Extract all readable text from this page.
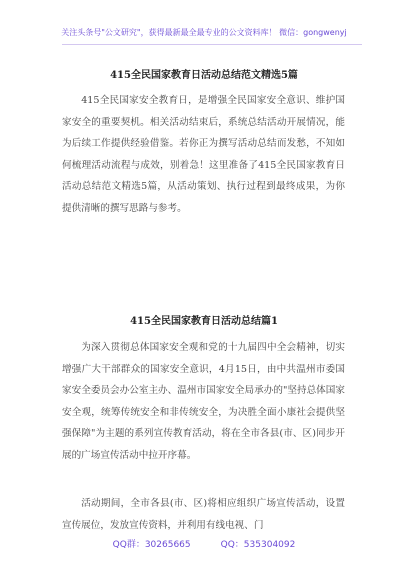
关注头条号"公文研究"，获得最新最全最专业的公文资料库！ 微信：gongwenyj
415全民国家教育日活动总结范文精选5篇

415全民国家安全教育日，是增强全民国家安全意识、维护国家安全的重要契机。相关活动结束后，系统总结活动开展情况，能为后续工作提供经验借鉴。若你正为撰写活动总结而发愁，不知如何梳理活动流程与成效，别着急！这里准备了415全民国家教育日活动总结范文精选5篇，从活动策划、执行过程到最终成果，为你提供清晰的撰写思路与参考。

415全民国家教育日活动总结篇1

为深入贯彻总体国家安全观和党的十九届四中全会精神，切实增强广大干部群众的国家安全意识，4月15日，由中共温州市委国家安全委员会办公室主办、温州市国家安全局承办的"坚持总体国家安全观，统筹传统安全和非传统安全，为决胜全面小康社会提供坚强保障"为主题的系列宣传教育活动，将在全市各县(市、区)同步开展的广场宣传活动中拉开序幕。

活动期间，全市各县(市、区)将相应组织广场宣传活动，设置宣传展位，发放宣传资料，并利用有线电视、门

QQ群：30265665	QQ：535304092
